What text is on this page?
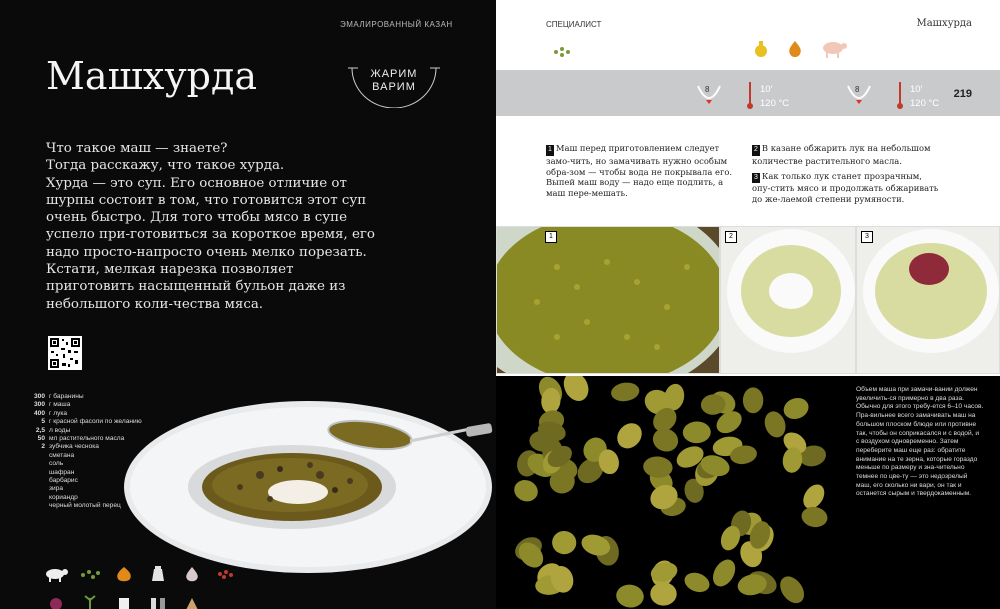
ЭМАЛИРОВАННЫЙ КАЗАН
Машхурда	ЖАРИМ
ВАРИМ

Что такое маш — знаете?

Тогда расскажу, что такое хурда.

Хурда — это суп. Его основное отличие от шурпы состоит в том, что готовится этот суп очень быстро. Для того чтобы мясо в супе успело при-готовиться за короткое время, его надо просто-напросто очень мелко порезать.

Кстати, мелкая нарезка позволяет приготовить насыщенный бульон даже из небольшого коли-чества мяса.

300 г баранины
300 г маша
400 г лука
5 г красной фасоли по желанию
2,5 л воды
50 мл растительного масла
2 зубчика чеснока
сметана
соль
шафран
барбарис
зира
кориандр
черный молотый перец
СПЕЦИАЛИСТ	Машхурда
8	10′
120 °C
8	10′
120 °C
219

1 Маш перед приготовлением следует замо-чить, но замачивать нужно особым обра-зом — чтобы вода не покрывала его. Выпей маш воду — надо еще подлить, а маш пере-мешать.

2 В казане обжарить лук на небольшом количестве растительного масла.

3 Как только лук станет прозрачным, опу-стить мясо и продолжать обжаривать до же-лаемой степени румяности.

1	2	3
Объем маша при замачи-вании должен увеличить-ся примерно в два раза. Обычно для этого требу-ется 6–10 часов. Пра-вильнее всего замачивать маш на большом плоском блюде или противне так, чтобы он соприкасался и с водой, и с воздухом одновременно. Затем переберите маш еще раз: обратите внимание на те зерна, которые гораздо меньше по размеру и зна-чительно темнее по цве-ту — это недозрелый маш, его сколько ни вари, он так и останется сырым и твердокаменным.
